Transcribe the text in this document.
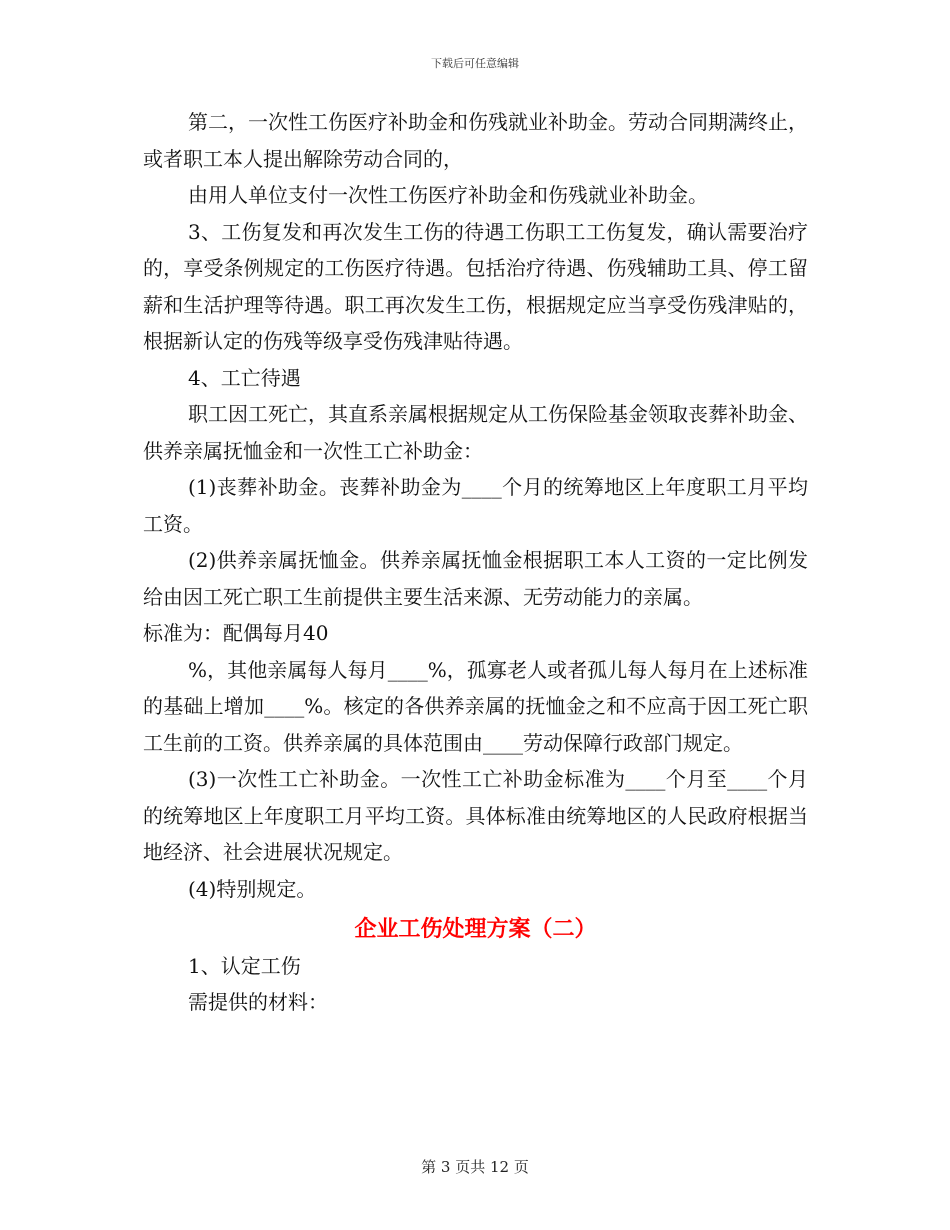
下载后可任意编辑

第二，一次性工伤医疗补助金和伤残就业补助金。劳动合同期满终止，或者职工本人提出解除劳动合同的，

由用人单位支付一次性工伤医疗补助金和伤残就业补助金。

3、工伤复发和再次发生工伤的待遇工伤职工工伤复发，确认需要治疗的，享受条例规定的工伤医疗待遇。包括治疗待遇、伤残辅助工具、停工留薪和生活护理等待遇。职工再次发生工伤，根据规定应当享受伤残津贴的，根据新认定的伤残等级享受伤残津贴待遇。

4、工亡待遇

职工因工死亡，其直系亲属根据规定从工伤保险基金领取丧葬补助金、供养亲属抚恤金和一次性工亡补助金：

(1)丧葬补助金。丧葬补助金为____个月的统筹地区上年度职工月平均工资。

(2)供养亲属抚恤金。供养亲属抚恤金根据职工本人工资的一定比例发给由因工死亡职工生前提供主要生活来源、无劳动能力的亲属。

标准为：配偶每月40

%，其他亲属每人每月____%，孤寡老人或者孤儿每人每月在上述标准的基础上增加____%。核定的各供养亲属的抚恤金之和不应高于因工死亡职工生前的工资。供养亲属的具体范围由____劳动保障行政部门规定。

(3)一次性工亡补助金。一次性工亡补助金标准为____个月至____个月的统筹地区上年度职工月平均工资。具体标准由统筹地区的人民政府根据当地经济、社会进展状况规定。

(4)特别规定。

企业工伤处理方案（二）

1、认定工伤

需提供的材料：

第 3 页共 12 页
